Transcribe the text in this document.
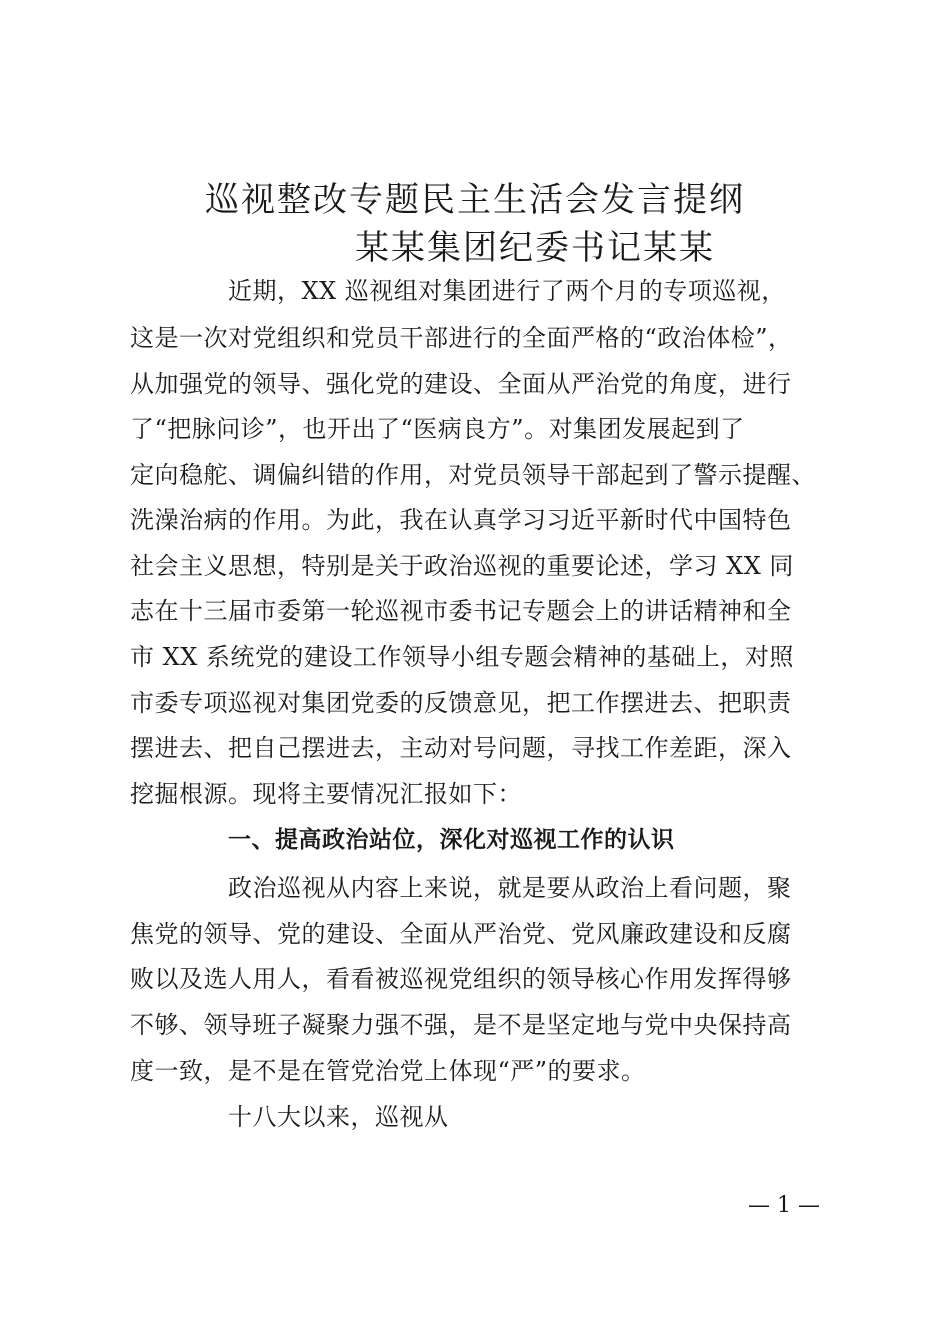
巡视整改专题民主生活会发言提纲
某某集团纪委书记某某
近期，XX 巡视组对集团进行了两个月的专项巡视，
这是一次对党组织和党员干部进行的全面严格的“政治体检”，
从加强党的领导、强化党的建设、全面从严治党的角度，进行
了“把脉问诊”，也开出了“医病良方”。对集团发展起到了
定向稳舵、调偏纠错的作用，对党员领导干部起到了警示提醒、
洗澡治病的作用。为此，我在认真学习习近平新时代中国特色
社会主义思想，特别是关于政治巡视的重要论述，学习 XX 同
志在十三届市委第一轮巡视市委书记专题会上的讲话精神和全
市 XX 系统党的建设工作领导小组专题会精神的基础上，对照
市委专项巡视对集团党委的反馈意见，把工作摆进去、把职责
摆进去、把自己摆进去，主动对号问题，寻找工作差距，深入
挖掘根源。现将主要情况汇报如下：
一、提高政治站位，深化对巡视工作的认识
政治巡视从内容上来说，就是要从政治上看问题，聚
焦党的领导、党的建设、全面从严治党、党风廉政建设和反腐
败以及选人用人，看看被巡视党组织的领导核心作用发挥得够
不够、领导班子凝聚力强不强，是不是坚定地与党中央保持高
度一致，是不是在管党治党上体现“严”的要求。
十八大以来，巡视从
— 1 —
